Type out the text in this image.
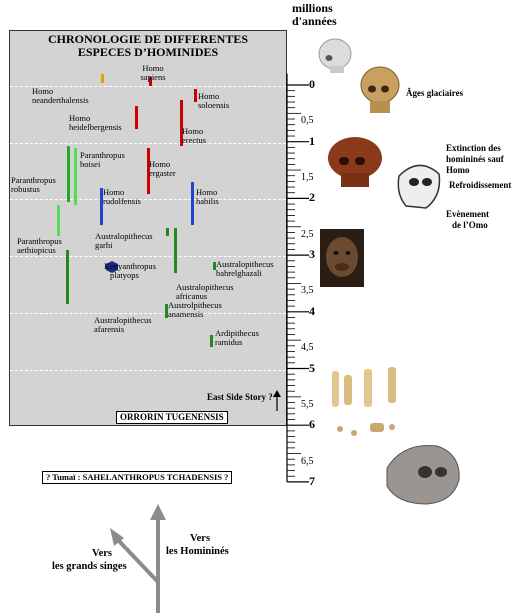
CHRONOLOGIE DE DIFFERENTES
ESPECES D’HOMINIDES
Homo
sapiens
Homo
neanderthalensis	Homo
soloensis
Homo
heidelbergensis	Homo
erectus
Homo
ergaster
Homo
rudolfensis
Homo
habilis
Paranthropus
robustus
Paranthropus
boisei
Paranthropus
aethiopicus
Australopithecus
garhi
Kenyanthropus
platyops
Australopithecus
africanus
Australopithecus
bahrelghazali
Australopithecus
afarensis
Austrolpithecus
anamensis
Ardipithecus
ramidus
East Side Story ?
ORRORIN TUGENENSIS
? Tumaï : SAHELANTHROPUS TCHADENSIS ?
millions
d'années
0
0,5
1
1,5
2
2,5
3
3,5
4
4,5
5
5,5
6
6,5
7
Âges glaciaires
Extinction des
homininés sauf
Homo
Refroidissement
Evènement
de l’Omo
Vers
les grands singes
Vers
les Homininés
